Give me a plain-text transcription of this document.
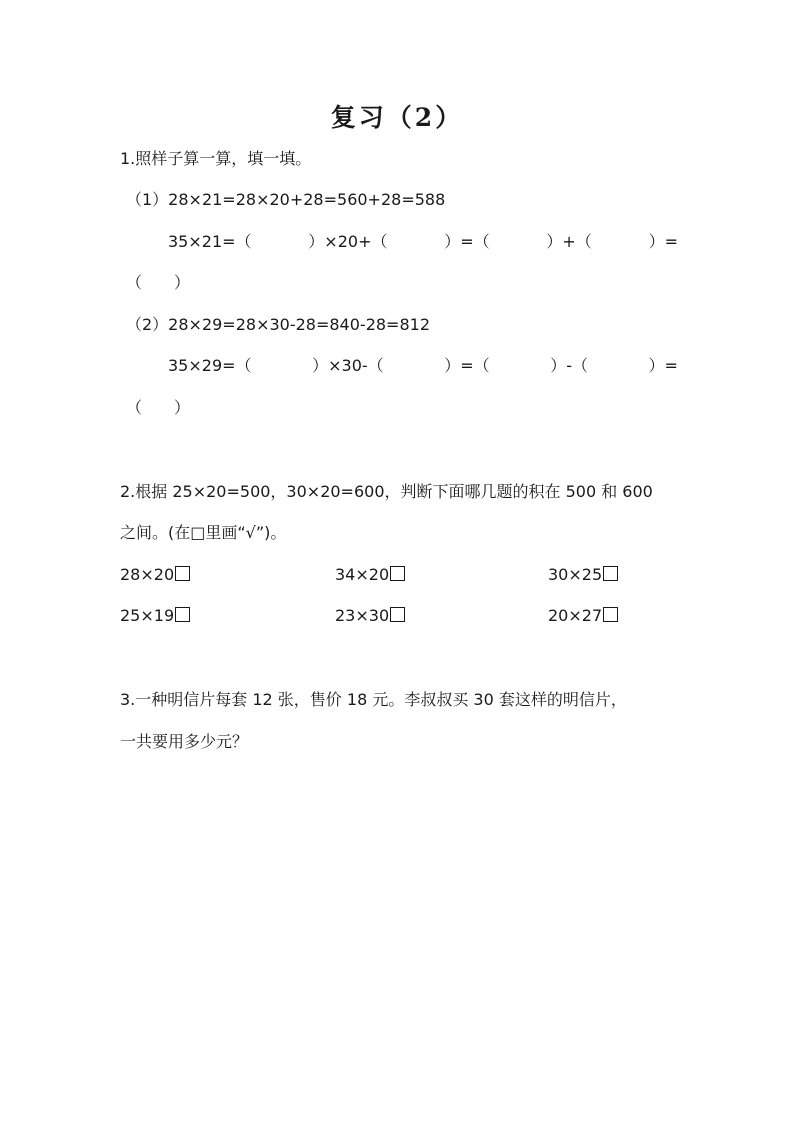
复习（2）
1.照样子算一算，填一填。
（1）28×21=28×20+28=560+28=588
35×21=（	）×20+（	）=（	）+（	）=
（　　）
（2）28×29=28×30-28=840-28=812
35×29=（	）×30-（	）=（	）-（	）=
（　　）
2.根据 25×20=500，30×20=600，判断下面哪几题的积在 500 和 600
之间。(在□里画“√”)。
28×20	34×20	30×25
25×19	23×30	20×27
3.一种明信片每套 12 张，售价 18 元。李叔叔买 30 套这样的明信片，
一共要用多少元？
